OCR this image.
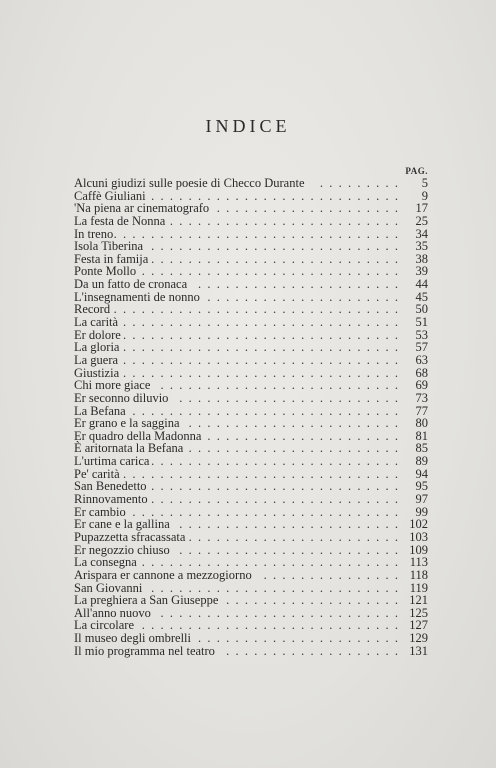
INDICE
PAG.
Alcuni giudizi sulle poesie di Checco Durante .  .  .  .  .  .  .  .  . 5
Caffè Giuliani .  .  .  .  .  .  .  .  .  .  .  .  .  .  .  .  .  .  .  .  .  .  .  .  .  .  . 9
'Na piena ar cinematografo .  .  .  .  .  .  .  .  .  .  .  .  .  .  .  .  .  .  .  . 17
La festa de Nonna
.  .  .  .  .  .  .  .  .  .  .  .  .  .  .  .  .  .  .  .  .  .  .  .  . 25
In treno
.  .  .  .  .  .  .  .  .  .  .  .  .  .  .  .  .  .  .  .  .  .  .  .  .  .  .  .  .  .  . 34
Isola Tiberina .  .  .  .  .  .  .  .  .  .  .  .  .  .  .  .  .  .  .  .  .  .  .  .  .  .  . 35
Festa in famija
.  .  .  .  .  .  .  .  .  .  .  .  .  .  .  .  .  .  .  .  .  .  .  .  .  .  . 38
Ponte Mollo .  .  .  .  .  .  .  .  .  .  .  .  .  .  .  .  .  .  .  .  .  .  .  .  .  .  .  . 39
Da un fatto de cronaca .  .  .  .  .  .  .  .  .  .  .  .  .  .  .  .  .  .  .  .  .  . 44
L'insegnamenti de nonno .  .  .  .  .  .  .  .  .  .  .  .  .  .  .  .  .  .  .  .  . 45
Record
.  .  .  .  .  .  .  .  .  .  .  .  .  .  .  .  .  .  .  .  .  .  .  .  .  .  .  .  .  .  . 50
La carità
.  .  .  .  .  .  .  .  .  .  .  .  .  .  .  .  .  .  .  .  .  .  .  .  .  .  .  .  .  . 51
Er dolore
.  .  .  .  .  .  .  .  .  .  .  .  .  .  .  .  .  .  .  .  .  .  .  .  .  .  .  .  .  . 53
La gloria
.  .  .  .  .  .  .  .  .  .  .  .  .  .  .  .  .  .  .  .  .  .  .  .  .  .  .  .  .  . 57
La guera
.  .  .  .  .  .  .  .  .  .  .  .  .  .  .  .  .  .  .  .  .  .  .  .  .  .  .  .  .  . 63
Giustizia
.  .  .  .  .  .  .  .  .  .  .  .  .  .  .  .  .  .  .  .  .  .  .  .  .  .  .  .  .  . 68
Chi more giace .  .  .  .  .  .  .  .  .  .  .  .  .  .  .  .  .  .  .  .  .  .  .  .  .  . 69
Er seconno diluvio .  .  .  .  .  .  .  .  .  .  .  .  .  .  .  .  .  .  .  .  .  .  .  . 73
La Befana .  .  .  .  .  .  .  .  .  .  .  .  .  .  .  .  .  .  .  .  .  .  .  .  .  .  .  .  . 77
Er grano e la saggina .  .  .  .  .  .  .  .  .  .  .  .  .  .  .  .  .  .  .  .  .  .  . 80
Er quadro della Madonna .  .  .  .  .  .  .  .  .  .  .  .  .  .  .  .  .  .  .  .  . 81
È aritornata la Befana .  .  .  .  .  .  .  .  .  .  .  .  .  .  .  .  .  .  .  .  .  .  . 85
L'urtima carica
.  .  .  .  .  .  .  .  .  .  .  .  .  .  .  .  .  .  .  .  .  .  .  .  .  .  . 89
Pe' carità
.  .  .  .  .  .  .  .  .  .  .  .  .  .  .  .  .  .  .  .  .  .  .  .  .  .  .  .  .  . 94
San Benedetto
.  .  .  .  .  .  .  .  .  .  .  .  .  .  .  .  .  .  .  .  .  .  .  .  .  .  . 95
Rinnovamento
.  .  .  .  .  .  .  .  .  .  .  .  .  .  .  .  .  .  .  .  .  .  .  .  .  .  . 97
Er cambio .  .  .  .  .  .  .  .  .  .  .  .  .  .  .  .  .  .  .  .  .  .  .  .  .  .  .  .  . 99
Er cane e la gallina .  .  .  .  .  .  .  .  .  .  .  .  .  .  .  .  .  .  .  .  .  .  .  . 102
Pupazzetta sfracassata
.  .  .  .  .  .  .  .  .  .  .  .  .  .  .  .  .  .  .  .  .  .  . 103
Er negozzio chiuso .  .  .  .  .  .  .  .  .  .  .  .  .  .  .  .  .  .  .  .  .  .  .  . 109
La consegna
.  .  .  .  .  .  .  .  .  .  .  .  .  .  .  .  .  .  .  .  .  .  .  .  .  .  .  . 113
Arispara er cannone a mezzogiorno .  .  .  .  .  .  .  .  .  .  .  .  .  .  . 118
San Giovanni .  .  .  .  .  .  .  .  .  .  .  .  .  .  .  .  .  .  .  .  .  .  .  .  .  .  . 119
La preghiera a San Giuseppe .  .  .  .  .  .  .  .  .  .  .  .  .  .  .  .  .  .  . 121
All'anno nuovo .  .  .  .  .  .  .  .  .  .  .  .  .  .  .  .  .  .  .  .  .  .  .  .  .  . 125
La circolare .  .  .  .  .  .  .  .  .  .  .  .  .  .  .  .  .  .  .  .  .  .  .  .  .  .  .  . 127
Il museo degli ombrelli .  .  .  .  .  .  .  .  .  .  .  .  .  .  .  .  .  .  .  .  .  . 129
Il mio programma nel teatro .  .  .  .  .  .  .  .  .  .  .  .  .  .  .  .  .  .  . 131
